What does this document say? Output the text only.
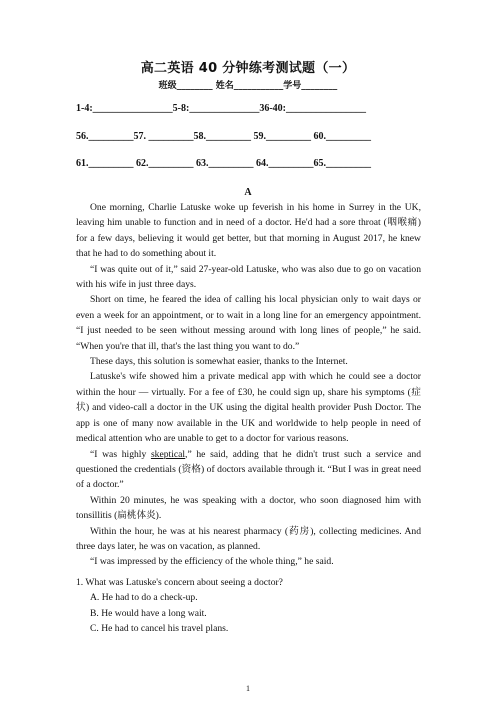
高二英语 40 分钟练考测试题（一）
班级________ 姓名___________学号________
1-4:________________5-8:______________36-40:________________
56._________57. _________58._________ 59._________ 60._________
61._________ 62._________ 63._________ 64._________65._________
A

One morning, Charlie Latuske woke up feverish in his home in Surrey in the UK, leaving him unable to function and in need of a doctor. He'd had a sore throat (咽喉痛) for a few days, believing it would get better, but that morning in August 2017, he knew that he had to do something about it.

“I was quite out of it,” said 27-year-old Latuske, who was also due to go on vacation with his wife in just three days.

Short on time, he feared the idea of calling his local physician only to wait days or even a week for an appointment, or to wait in a long line for an emergency appointment. “I just needed to be seen without messing around with long lines of people,” he said. “When you're that ill, that's the last thing you want to do.”

These days, this solution is somewhat easier, thanks to the Internet.

Latuske's wife showed him a private medical app with which he could see a doctor within the hour — virtually. For a fee of £30, he could sign up, share his symptoms (症状) and video-call a doctor in the UK using the digital health provider Push Doctor. The app is one of many now available in the UK and worldwide to help people in need of medical attention who are unable to get to a doctor for various reasons.

“I was highly skeptical,” he said, adding that he didn't trust such a service and questioned the credentials (资格) of doctors available through it. “But I was in great need of a doctor.”

Within 20 minutes, he was speaking with a doctor, who soon diagnosed him with tonsillitis (扁桃体炎).

Within the hour, he was at his nearest pharmacy (药房), collecting medicines. And three days later, he was on vacation, as planned.

“I was impressed by the efficiency of the whole thing,” he said.

1. What was Latuske's concern about seeing a doctor?

A. He had to do a check-up.

B. He would have a long wait.

C. He had to cancel his travel plans.

1
